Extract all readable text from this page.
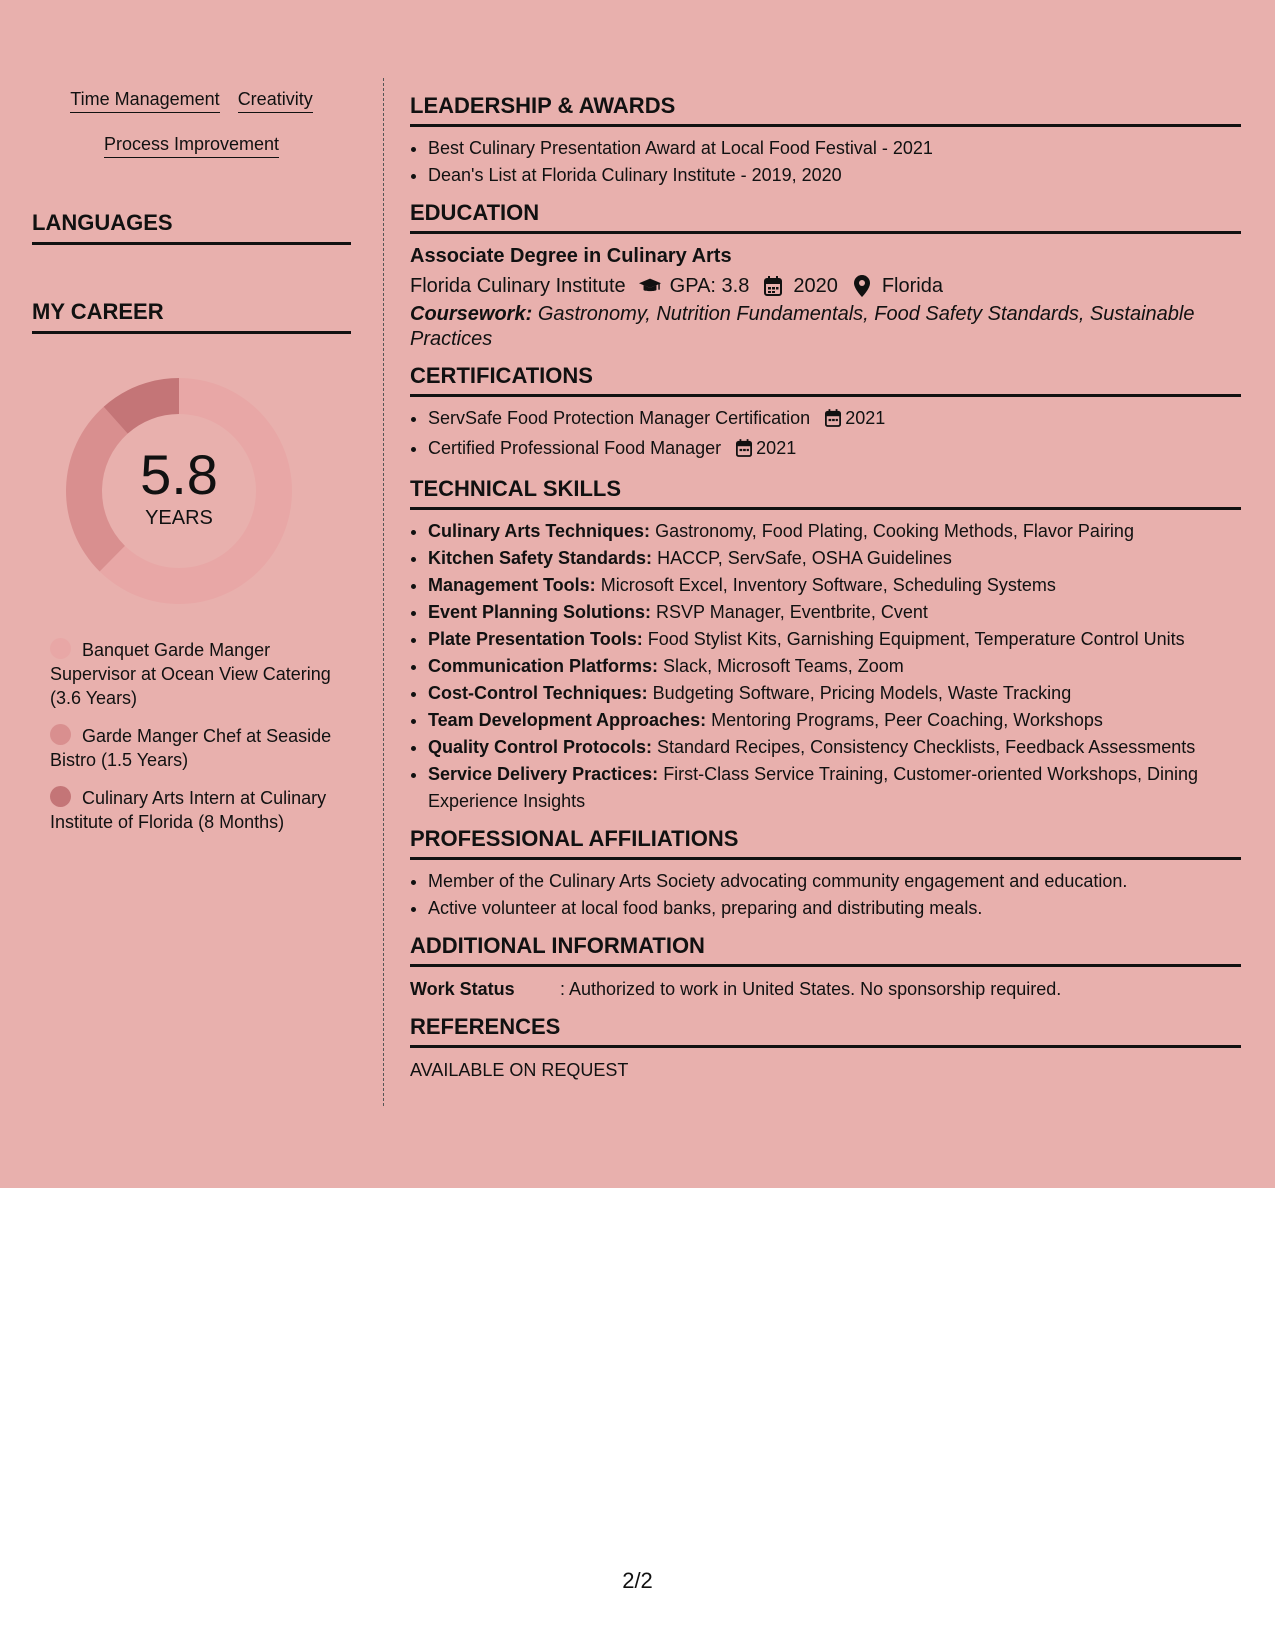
Time Management Creativity
Process Improvement
LANGUAGES
MY CAREER
5.8
YEARS
Banquet Garde Manger Supervisor at Ocean View Catering (3.6 Years)
Garde Manger Chef at Seaside Bistro (1.5 Years)
Culinary Arts Intern at Culinary Institute of Florida (8 Months)
LEADERSHIP & AWARDS
• Best Culinary Presentation Award at Local Food Festival - 2021
• Dean's List at Florida Culinary Institute - 2019, 2020
EDUCATION
Associate Degree in Culinary Arts
Florida Culinary Institute GPA: 3.8 2020 Florida
Coursework: Gastronomy, Nutrition Fundamentals, Food Safety Standards, Sustainable Practices
CERTIFICATIONS
• ServSafe Food Protection Manager Certification 2021
• Certified Professional Food Manager 2021
TECHNICAL SKILLS
• Culinary Arts Techniques: Gastronomy, Food Plating, Cooking Methods, Flavor Pairing
• Kitchen Safety Standards: HACCP, ServSafe, OSHA Guidelines
• Management Tools: Microsoft Excel, Inventory Software, Scheduling Systems
• Event Planning Solutions: RSVP Manager, Eventbrite, Cvent
• Plate Presentation Tools: Food Stylist Kits, Garnishing Equipment, Temperature Control Units
• Communication Platforms: Slack, Microsoft Teams, Zoom
• Cost-Control Techniques: Budgeting Software, Pricing Models, Waste Tracking
• Team Development Approaches: Mentoring Programs, Peer Coaching, Workshops
• Quality Control Protocols: Standard Recipes, Consistency Checklists, Feedback Assessments
• Service Delivery Practices: First-Class Service Training, Customer-oriented Workshops, Dining Experience Insights
PROFESSIONAL AFFILIATIONS
• Member of the Culinary Arts Society advocating community engagement and education.
• Active volunteer at local food banks, preparing and distributing meals.
ADDITIONAL INFORMATION
Work Status	: Authorized to work in United States. No sponsorship required.
REFERENCES
AVAILABLE ON REQUEST
2/2
